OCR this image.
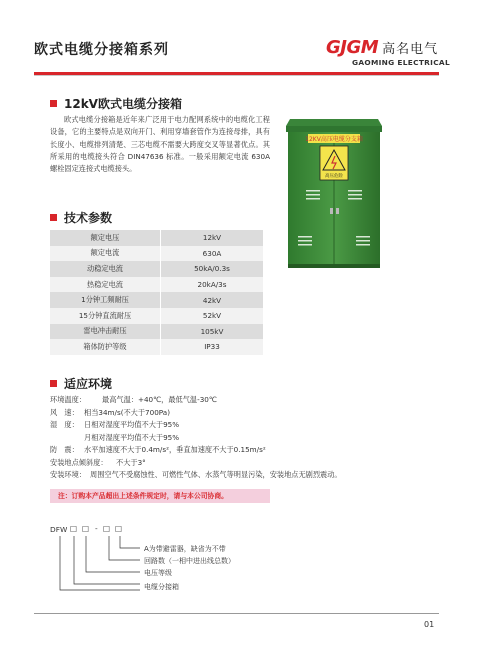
欧式电缆分接箱系列	GJGM 高名电气
GAOMING ELECTRICAL
12kV欧式电缆分接箱

欧式电缆分接箱是近年来广泛用于电力配网系统中的电缆化工程设备，它的主要特点是双向开门、利用穿墙套管作为连接母排，具有长度小、电缆排列清楚、三芯电缆不需要大跨度交叉等显著优点。其所采用的电缆接头符合 DIN47636 标准。一般采用额定电流 630A 螺栓固定连接式电缆接头。

12KV高压电缆分支箱
高压危险
技术参数
额定电压	12kV
额定电流	630A
动稳定电流	50kA/0.3s
热稳定电流	20kA/3s
1分钟工频耐压	42kV
15分钟直流耐压	52kV
雷电冲击耐压	105kV
箱体防护等级	IP33
适应环境
环境温度： 最高气温：+40℃，最低气温-30℃
风　速： 相当34m/s(不大于700Pa)
湿　度： 日相对湿度平均值不大于95%
月相对湿度平均值不大于95%
防　震： 水平加速度不大于0.4m/s²，垂直加速度不大于0.15m/s²
安装地点倾斜度： 不大于3°
安装环境： 周围空气不受腐蚀性、可燃性气体、水蒸气等明显污染，安装地点无剧烈震动。
注：订购本产品超出上述条件规定时，请与本公司协商。
DFW □ □ - □ □
A为带避雷器，缺省为不带
回路数（一相中进出线总数）
电压等级
电缆分接箱
01
